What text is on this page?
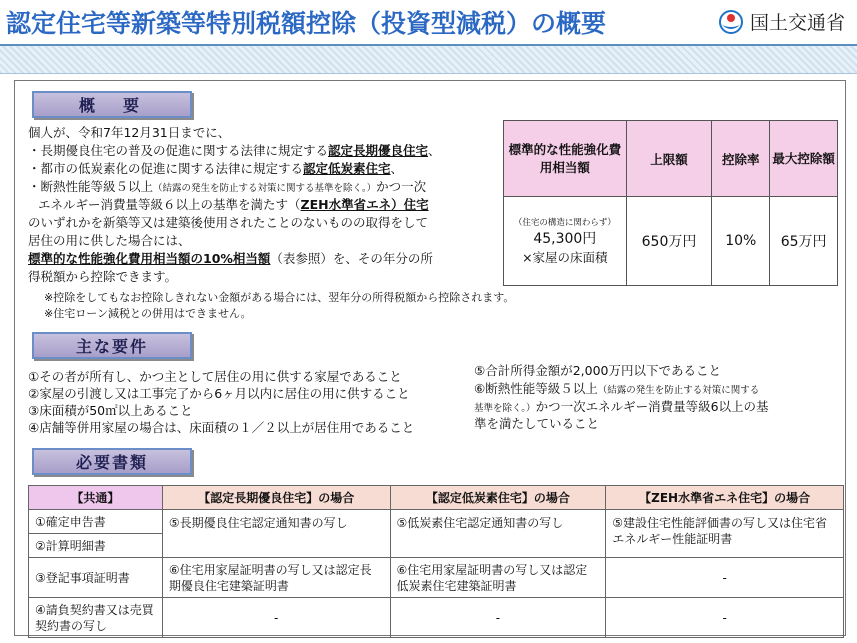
認定住宅等新築等特別税額控除（投資型減税）の概要	国土交通省
概　要
個人が、令和7年12月31日までに、
・長期優良住宅の普及の促進に関する法律に規定する認定長期優良住宅、
・都市の低炭素化の促進に関する法律に規定する認定低炭素住宅、
・断熱性能等級５以上（結露の発生を防止する対策に関する基準を除く。）かつ一次
エネルギー消費量等級６以上の基準を満たす（ZEH水準省エネ）住宅
のいずれかを新築等又は建築後使用されたことのないものの取得をして
居住の用に供した場合には、
標準的な性能強化費用相当額の10%相当額（表参照）を、その年分の所
得税額から控除できます。
標準的な性能強化費用相当額	上限額	控除率	最大控除額

（住宅の構造に関わらず）
45,300円
×家屋の床面積	650万円	10%	65万円
※控除をしてもなお控除しきれない金額がある場合には、翌年分の所得税額から控除されます。
※住宅ローン減税との併用はできません。
主な要件
①その者が所有し、かつ主として居住の用に供する家屋であること
②家屋の引渡し又は工事完了から6ヶ月以内に居住の用に供すること
③床面積が50㎡以上あること
④店舗等併用家屋の場合は、床面積の１／２以上が居住用であること
⑤合計所得金額が2,000万円以下であること
⑥断熱性能等級５以上（結露の発生を防止する対策に関する
基準を除く。）かつ一次エネルギー消費量等級6以上の基
準を満たしていること
必要書類
【共通】	【認定長期優良住宅】の場合	【認定低炭素住宅】の場合	【ZEH水準省エネ住宅】の場合
①確定申告書	⑤長期優良住宅認定通知書の写し	⑤低炭素住宅認定通知書の写し	⑤建設住宅性能評価書の写し又は住宅省エネルギー性能証明書
②計算明細書			
③登記事項証明書	⑥住宅用家屋証明書の写し又は認定長期優良住宅建築証明書	⑥住宅用家屋証明書の写し又は認定低炭素住宅建築証明書	-
④請負契約書又は売買契約書の写し	-	-	-
